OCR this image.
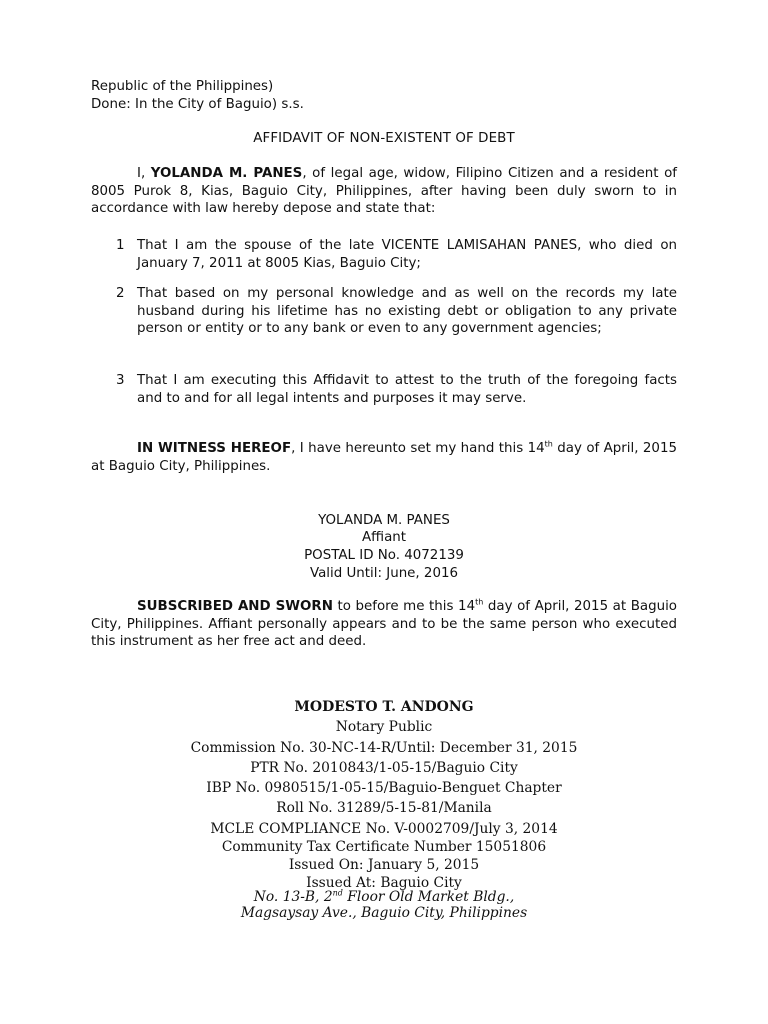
Republic of the Philippines)
Done: In the City of Baguio) s.s.
AFFIDAVIT OF NON-EXISTENT OF DEBT
I, YOLANDA M. PANES, of legal age, widow, Filipino Citizen and a resident of 8005 Purok 8, Kias, Baguio City, Philippines, after having been duly sworn to in accordance with law hereby depose and state that:
1 That I am the spouse of the late VICENTE LAMISAHAN PANES, who died on January 7, 2011 at 8005 Kias, Baguio City;
2 That based on my personal knowledge and as well on the records my late husband during his lifetime has no existing debt or obligation to any private person or entity or to any bank or even to any government agencies;
3 That I am executing this Affidavit to attest to the truth of the foregoing facts and to and for all legal intents and purposes it may serve.
IN WITNESS HEREOF, I have hereunto set my hand this 14th day of April, 2015 at Baguio City, Philippines.
YOLANDA M. PANES
Affiant
POSTAL ID No. 4072139
Valid Until: June, 2016
SUBSCRIBED AND SWORN to before me this 14th day of April, 2015 at Baguio City, Philippines. Affiant personally appears and to be the same person who executed this instrument as her free act and deed.
MODESTO T. ANDONG
Notary Public
Commission No. 30-NC-14-R/Until: December 31, 2015
PTR No. 2010843/1-05-15/Baguio City
IBP No. 0980515/1-05-15/Baguio-Benguet Chapter
Roll No. 31289/5-15-81/Manila
MCLE COMPLIANCE No. V-0002709/July 3, 2014
Community Tax Certificate Number 15051806
Issued On: January 5, 2015
Issued At: Baguio City
No. 13-B, 2nd Floor Old Market Bldg.,
Magsaysay Ave., Baguio City, Philippines
